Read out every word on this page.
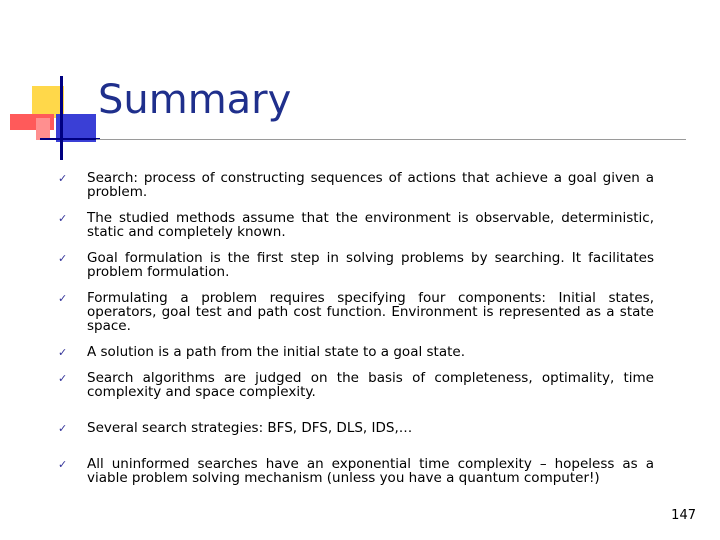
Summary
✓ Search: process of constructing sequences of actions that achieve a goal given a problem.
✓ The studied methods assume that the environment is observable, deterministic, static and completely known.
✓ Goal formulation is the first step in solving problems by searching. It facilitates problem formulation.
✓ Formulating a problem requires specifying four components: Initial states, operators, goal test and path cost function. Environment is represented as a state space.
✓ A solution is a path from the initial state to a goal state.
✓ Search algorithms are judged on the basis of completeness, optimality, time complexity and space complexity.
✓ Several search strategies: BFS, DFS, DLS, IDS,…
✓ All uninformed searches have an exponential time complexity – hopeless as a viable problem solving mechanism (unless you have a quantum computer!)
147
